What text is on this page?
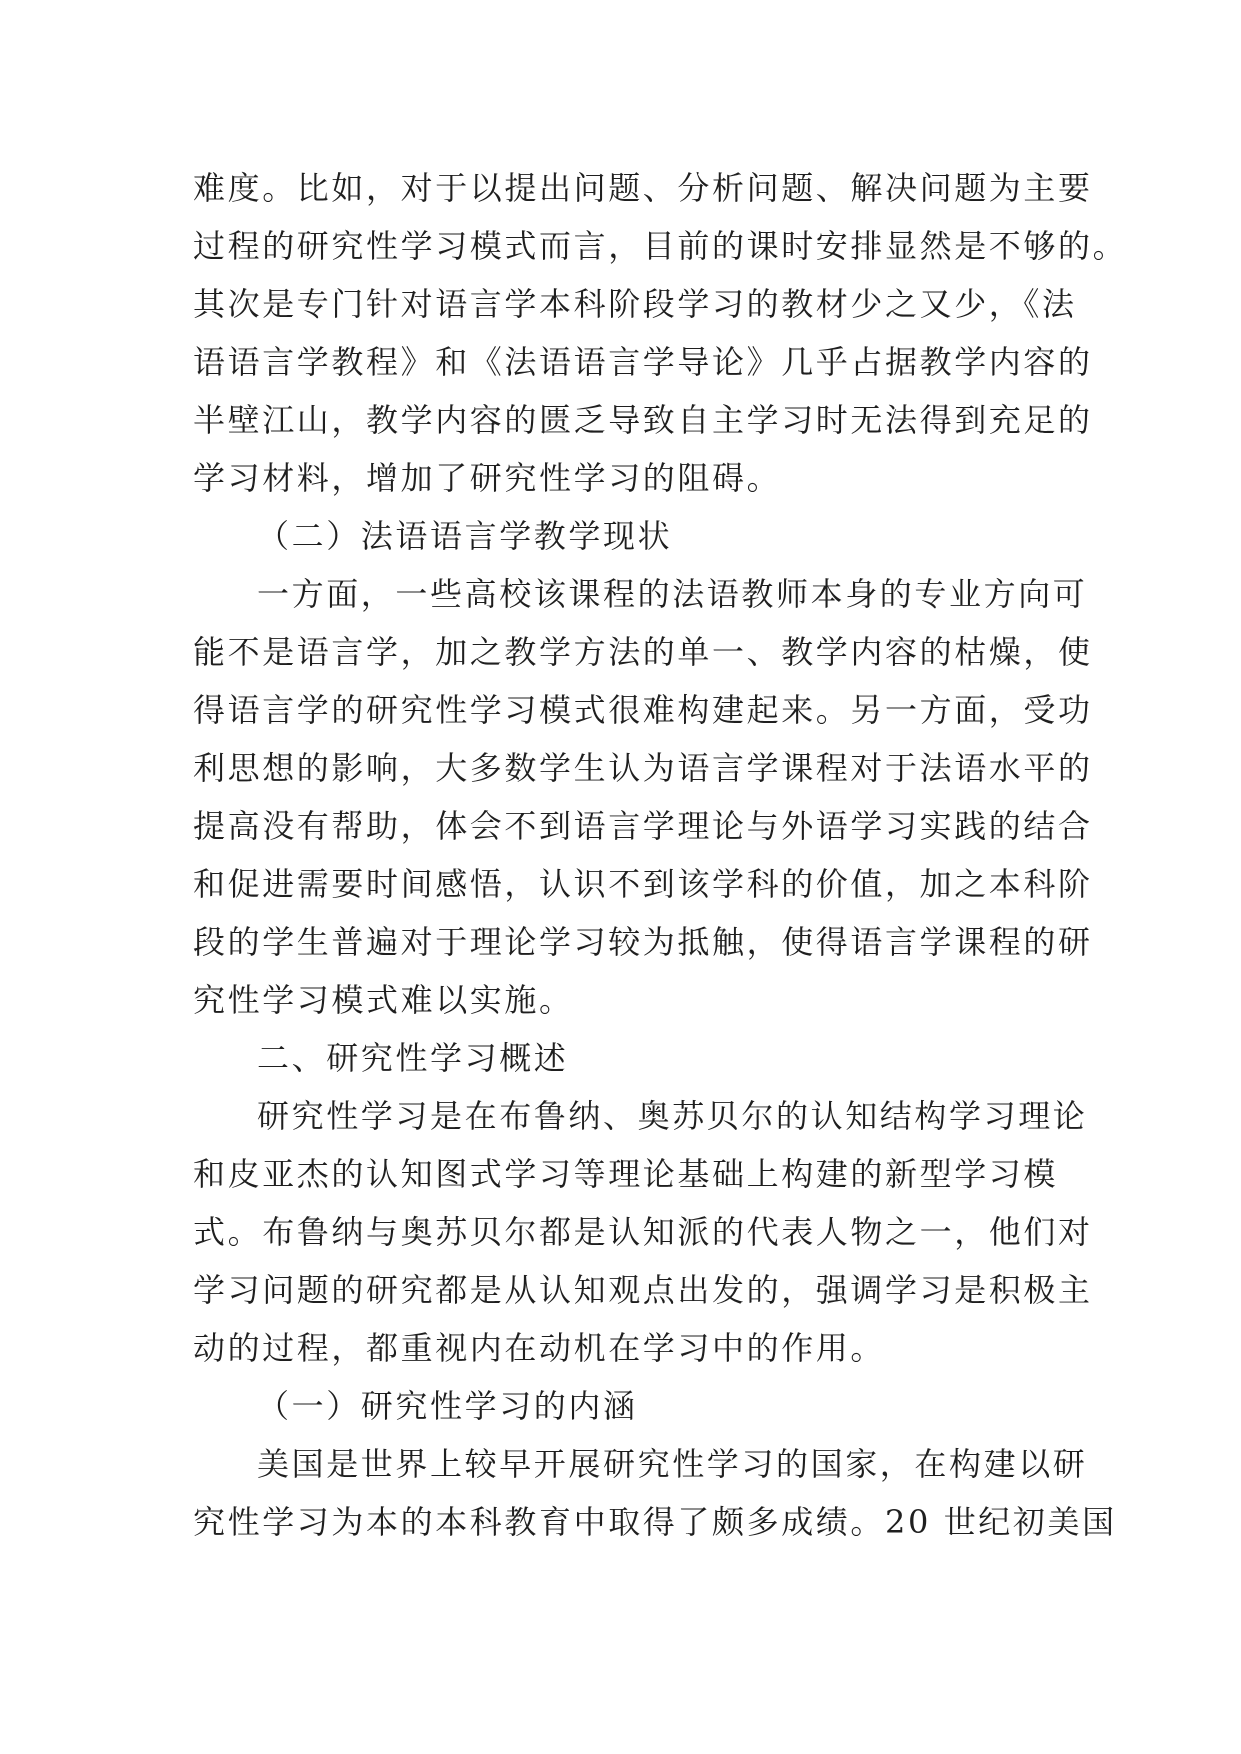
难度。比如，对于以提出问题、分析问题、解决问题为主要
过程的研究性学习模式而言，目前的课时安排显然是不够的。
其次是专门针对语言学本科阶段学习的教材少之又少，《法
语语言学教程》和《法语语言学导论》几乎占据教学内容的
半壁江山，教学内容的匮乏导致自主学习时无法得到充足的
学习材料，增加了研究性学习的阻碍。
（二）法语语言学教学现状
一方面，一些高校该课程的法语教师本身的专业方向可
能不是语言学，加之教学方法的单一、教学内容的枯燥，使
得语言学的研究性学习模式很难构建起来。另一方面，受功
利思想的影响，大多数学生认为语言学课程对于法语水平的
提高没有帮助，体会不到语言学理论与外语学习实践的结合
和促进需要时间感悟，认识不到该学科的价值，加之本科阶
段的学生普遍对于理论学习较为抵触，使得语言学课程的研
究性学习模式难以实施。
二、研究性学习概述
研究性学习是在布鲁纳、奥苏贝尔的认知结构学习理论
和皮亚杰的认知图式学习等理论基础上构建的新型学习模
式。布鲁纳与奥苏贝尔都是认知派的代表人物之一，他们对
学习问题的研究都是从认知观点出发的，强调学习是积极主
动的过程，都重视内在动机在学习中的作用。
（一）研究性学习的内涵
美国是世界上较早开展研究性学习的国家，在构建以研
究性学习为本的本科教育中取得了颇多成绩。20 世纪初美国
